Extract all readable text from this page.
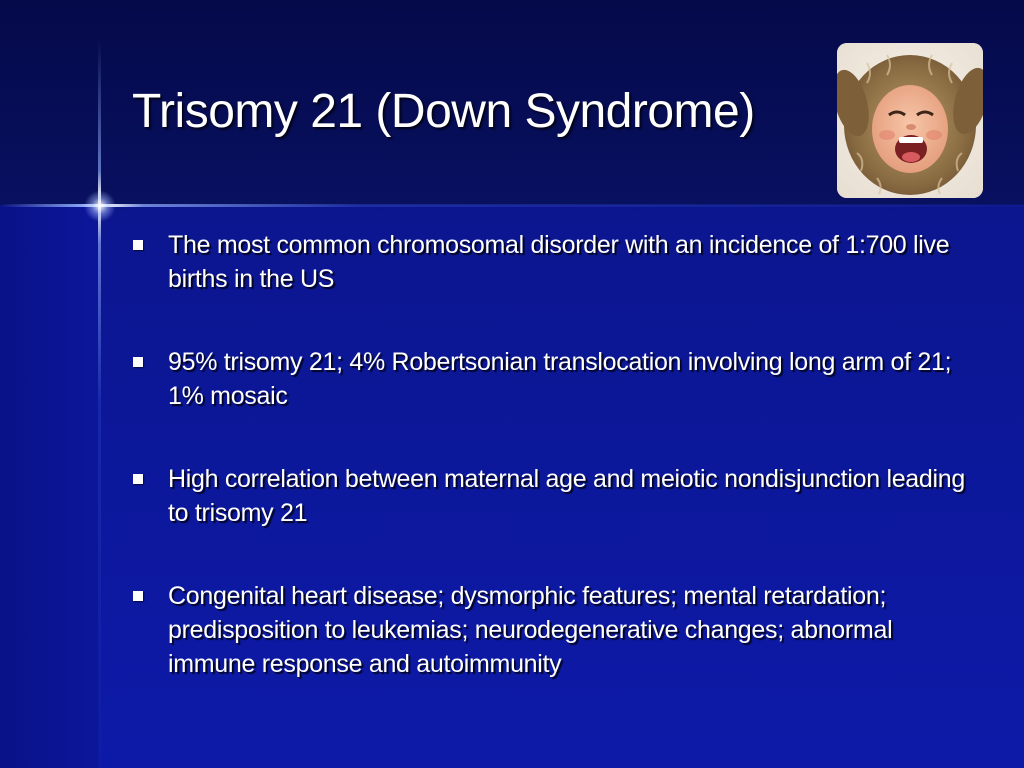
Trisomy 21 (Down Syndrome)
The most common chromosomal disorder with an incidence of 1:700 live births in the US
95% trisomy 21; 4% Robertsonian translocation involving long arm of 21; 1% mosaic
High correlation between maternal age and meiotic nondisjunction leading to trisomy 21
Congenital heart disease; dysmorphic features; mental retardation; predisposition to leukemias; neurodegenerative changes; abnormal immune response and autoimmunity
